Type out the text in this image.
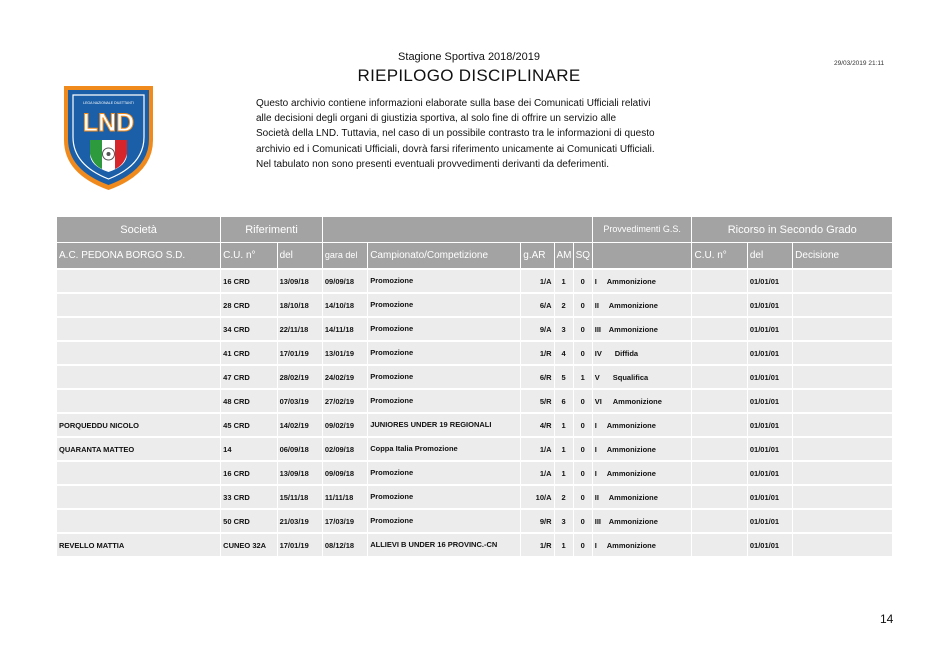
Stagione Sportiva 2018/2019
RIEPILOGO DISCIPLINARE
29/03/2019 21:11
LEGA NAZIONALE DILETTANTI
LND
Questo archivio contiene informazioni elaborate sulla base dei Comunicati Ufficiali relativi
alle decisioni degli organi di giustizia sportiva, al solo fine di offrire un servizio alle
Società della LND. Tuttavia, nel caso di un possibile contrasto tra le informazioni di questo
archivio ed i Comunicati Ufficiali, dovrà farsi riferimento unicamente ai Comunicati Ufficiali.
Nel tabulato non sono presenti eventuali provvedimenti derivanti da deferimenti.
Società	Riferimenti							Provvedimenti G.S.	Ricorso in Secondo Grado		
A.C. PEDONA BORGO S.D.	C.U. n°	del	gara del	Campionato/Competizione	g.AR	AM	SQ		C.U. n°	del	Decisione
	16 CRD	13/09/18	09/09/18	Promozione	1/A	1	0	I Ammonizione		01/01/01	
	28 CRD	18/10/18	14/10/18	Promozione	6/A	2	0	II Ammonizione		01/01/01	
	34 CRD	22/11/18	14/11/18	Promozione	9/A	3	0	III Ammonizione		01/01/01	
	41 CRD	17/01/19	13/01/19	Promozione	1/R	4	0	IV Diffida		01/01/01	
	47 CRD	28/02/19	24/02/19	Promozione	6/R	5	1	V Squalifica		01/01/01	
	48 CRD	07/03/19	27/02/19	Promozione	5/R	6	0	VI Ammonizione		01/01/01	
PORQUEDDU NICOLO	45 CRD	14/02/19	09/02/19	JUNIORES UNDER 19 REGIONALI	4/R	1	0	I Ammonizione		01/01/01	
QUARANTA MATTEO	14	06/09/18	02/09/18	Coppa Italia Promozione	1/A	1	0	I Ammonizione		01/01/01	
	16 CRD	13/09/18	09/09/18	Promozione	1/A	1	0	I Ammonizione		01/01/01	
	33 CRD	15/11/18	11/11/18	Promozione	10/A	2	0	II Ammonizione		01/01/01	
	50 CRD	21/03/19	17/03/19	Promozione	9/R	3	0	III Ammonizione		01/01/01	
REVELLO MATTIA	CUNEO 32A	17/01/19	08/12/18	ALLIEVI B UNDER 16 PROVINC.-CN	1/R	1	0	I Ammonizione		01/01/01	
14
